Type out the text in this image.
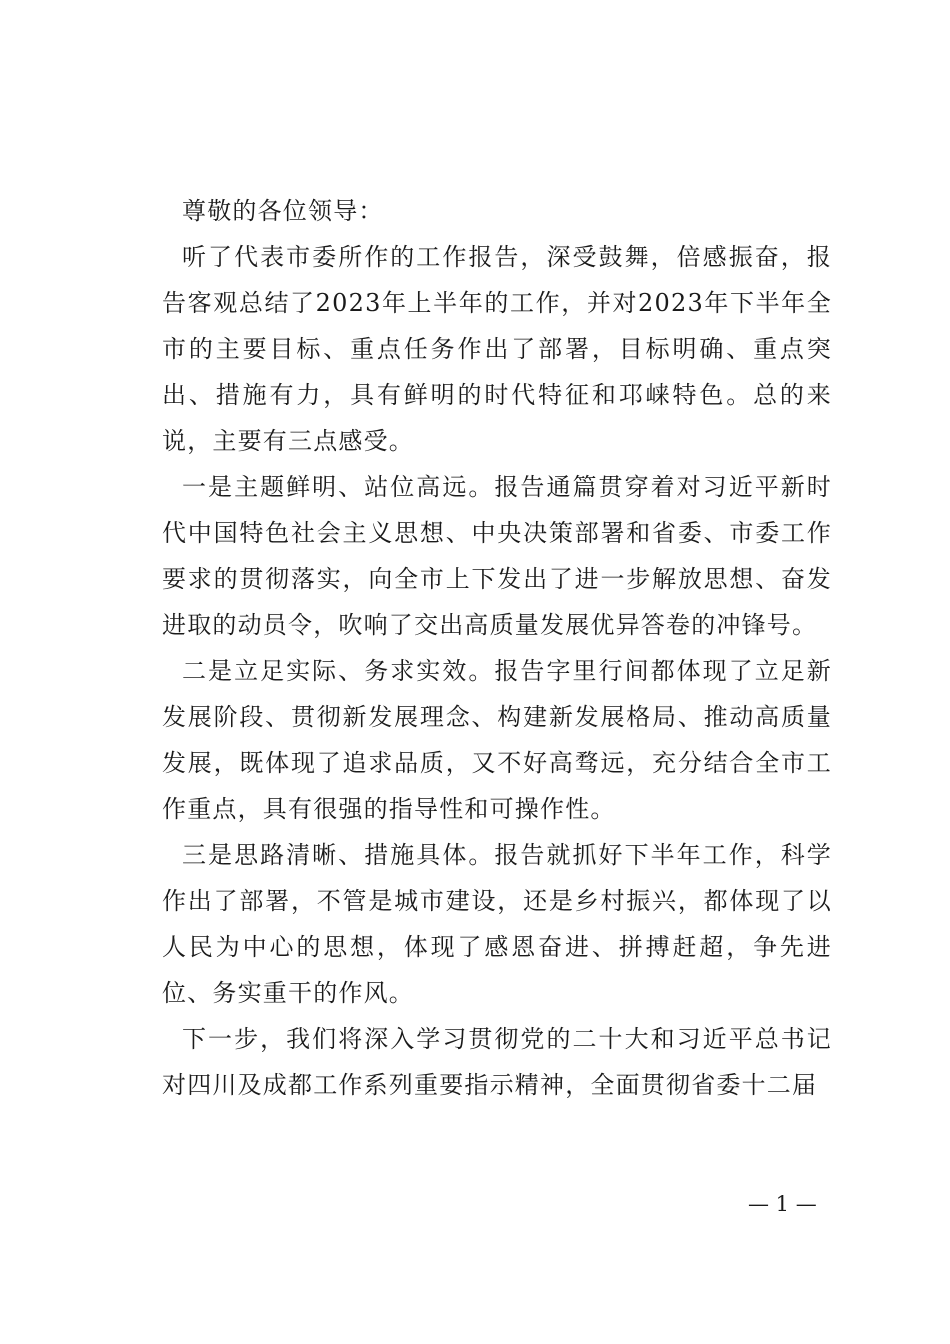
尊敬的各位领导：

听了代表市委所作的工作报告，深受鼓舞，倍感振奋，报告客观总结了2023年上半年的工作，并对2023年下半年全市的主要目标、重点任务作出了部署，目标明确、重点突出、措施有力，具有鲜明的时代特征和邛崃特色。总的来说，主要有三点感受。

一是主题鲜明、站位高远。报告通篇贯穿着对习近平新时代中国特色社会主义思想、中央决策部署和省委、市委工作要求的贯彻落实，向全市上下发出了进一步解放思想、奋发进取的动员令，吹响了交出高质量发展优异答卷的冲锋号。

二是立足实际、务求实效。报告字里行间都体现了立足新发展阶段、贯彻新发展理念、构建新发展格局、推动高质量发展，既体现了追求品质，又不好高骛远，充分结合全市工作重点，具有很强的指导性和可操作性。

三是思路清晰、措施具体。报告就抓好下半年工作，科学作出了部署，不管是城市建设，还是乡村振兴，都体现了以人民为中心的思想，体现了感恩奋进、拼搏赶超，争先进位、务实重干的作风。

下一步，我们将深入学习贯彻党的二十大和习近平总书记对四川及成都工作系列重要指示精神，全面贯彻省委十二届

— 1 —
